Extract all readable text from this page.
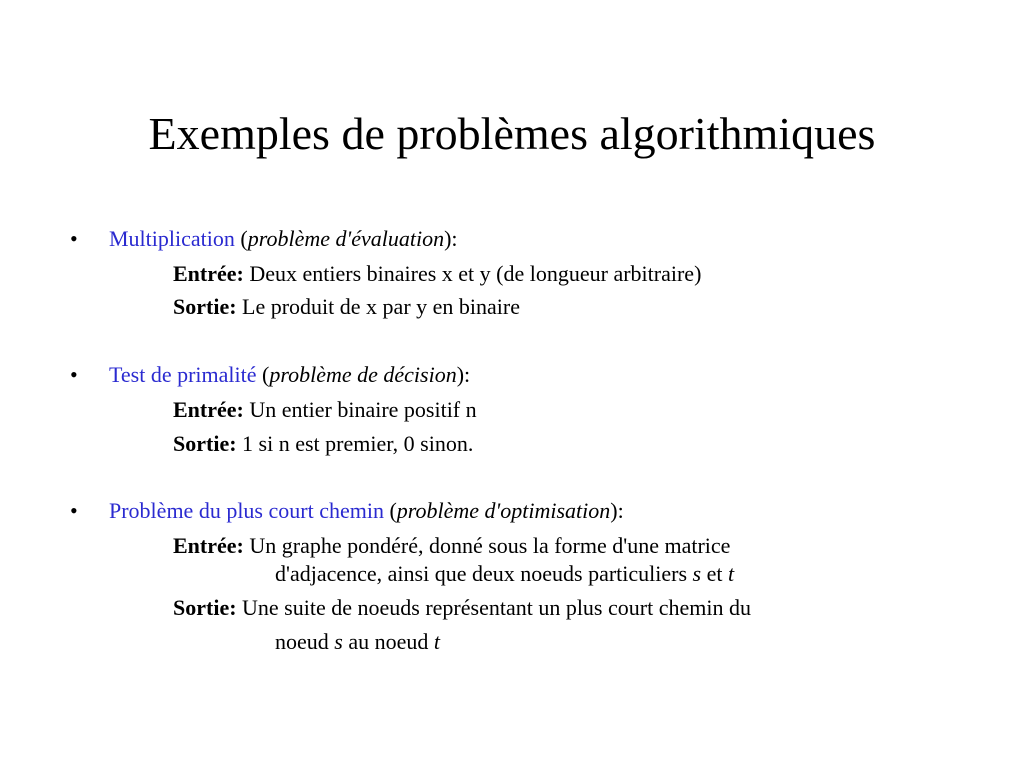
Exemples de problèmes algorithmiques
• Multiplication (problème d'évaluation):
Entrée: Deux entiers binaires x et y (de longueur arbitraire)
Sortie: Le produit de x par y en binaire
• Test de primalité (problème de décision):
Entrée: Un entier binaire positif n
Sortie: 1 si n est premier, 0 sinon.
• Problème du plus court chemin (problème d'optimisation):
Entrée: Un graphe pondéré, donné sous la forme d'une matrice
d'adjacence, ainsi que deux noeuds particuliers s et t
Sortie: Une suite de noeuds représentant un plus court chemin du
noeud s au noeud t
